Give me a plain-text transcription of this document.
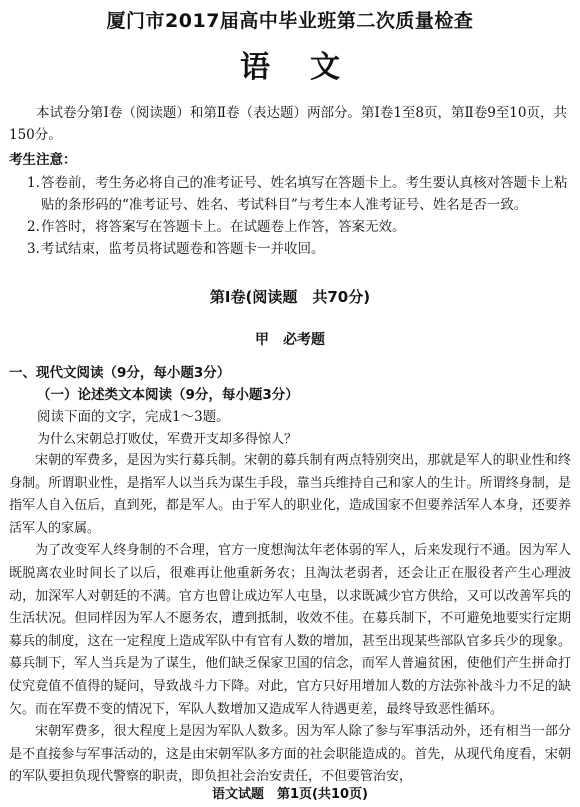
厦门市2017届高中毕业班第二次质量检查
语文
本试卷分第Ⅰ卷（阅读题）和第Ⅱ卷（表达题）两部分。第Ⅰ卷1至8页，第Ⅱ卷9至10页，共150分。
考生注意：
1. 答卷前，考生务必将自己的准考证号、姓名填写在答题卡上。考生要认真核对答题卡上粘贴的条形码的“准考证号、姓名、考试科目”与考生本人准考证号、姓名是否一致。
2. 作答时，将答案写在答题卡上。在试题卷上作答，答案无效。
3. 考试结束，监考员将试题卷和答题卡一并收回。
第Ⅰ卷(阅读题　共70分)
甲　必考题
一、现代文阅读（9分，每小题3分）
（一）论述类文本阅读（9分，每小题3分）
阅读下面的文字，完成1～3题。
为什么宋朝总打败仗，军费开支却多得惊人？

宋朝的军费多，是因为实行募兵制。宋朝的募兵制有两点特别突出，那就是军人的职业性和终身制。所谓职业性，是指军人以当兵为谋生手段，靠当兵维持自己和家人的生计。所谓终身制，是指军人自入伍后，直到死，都是军人。由于军人的职业化，造成国家不但要养活军人本身，还要养活军人的家属。

为了改变军人终身制的不合理，官方一度想淘汰年老体弱的军人，后来发现行不通。因为军人既脱离农业时间长了以后，很难再让他重新务农；且淘汰老弱者，还会让正在服役者产生心理波动，加深军人对朝廷的不满。官方也曾让成边军人屯垦，以求既减少官方供给，又可以改善军兵的生活状况。但同样因为军人不愿务农，遭到抵制，收效不佳。在募兵制下，不可避免地要实行定期募兵的制度，这在一定程度上造成军队中有官有人数的增加，甚至出现某些部队官多兵少的现象。募兵制下，军人当兵是为了谋生，他们缺乏保家卫国的信念，而军人普遍贫困，使他们产生拼命打仗究竟值不值得的疑问，导致战斗力下降。对此，官方只好用增加人数的方法弥补战斗力不足的缺欠。而在军费不变的情况下，军队人数增加又造成军人待遇更差，最终导致恶性循环。

宋朝军费多，很大程度上是因为军队人数多。因为军人除了参与军事活动外，还有相当一部分是不直接参与军事活动的，这是由宋朝军队多方面的社会职能造成的。首先，从现代角度看，宋朝的军队要担负现代警察的职责，即负担社会治安责任，不但要管治安，

语文试题　第1页(共10页)
